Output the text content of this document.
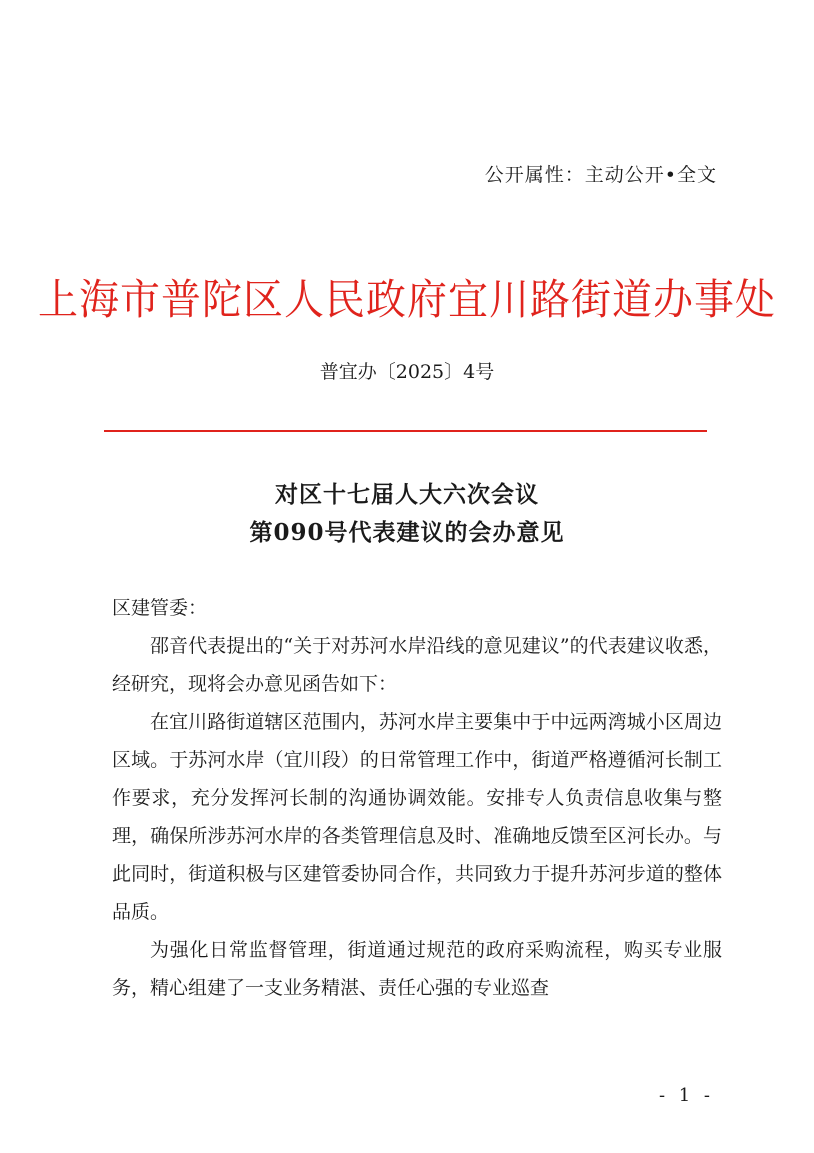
公开属性：主动公开•全文
上海市普陀区人民政府宜川路街道办事处
普宜办〔2025〕4号
对区十七届人大六次会议
第090号代表建议的会办意见
区建管委：

邵音代表提出的“关于对苏河水岸沿线的意见建议”的代表建议收悉，经研究，现将会办意见函告如下：

在宜川路街道辖区范围内，苏河水岸主要集中于中远两湾城小区周边区域。于苏河水岸（宜川段）的日常管理工作中，街道严格遵循河长制工作要求，充分发挥河长制的沟通协调效能。安排专人负责信息收集与整理，确保所涉苏河水岸的各类管理信息及时、准确地反馈至区河长办。与此同时，街道积极与区建管委协同合作，共同致力于提升苏河步道的整体品质。

为强化日常监督管理，街道通过规范的政府采购流程，购买专业服务，精心组建了一支业务精湛、责任心强的专业巡查

- 1 -
